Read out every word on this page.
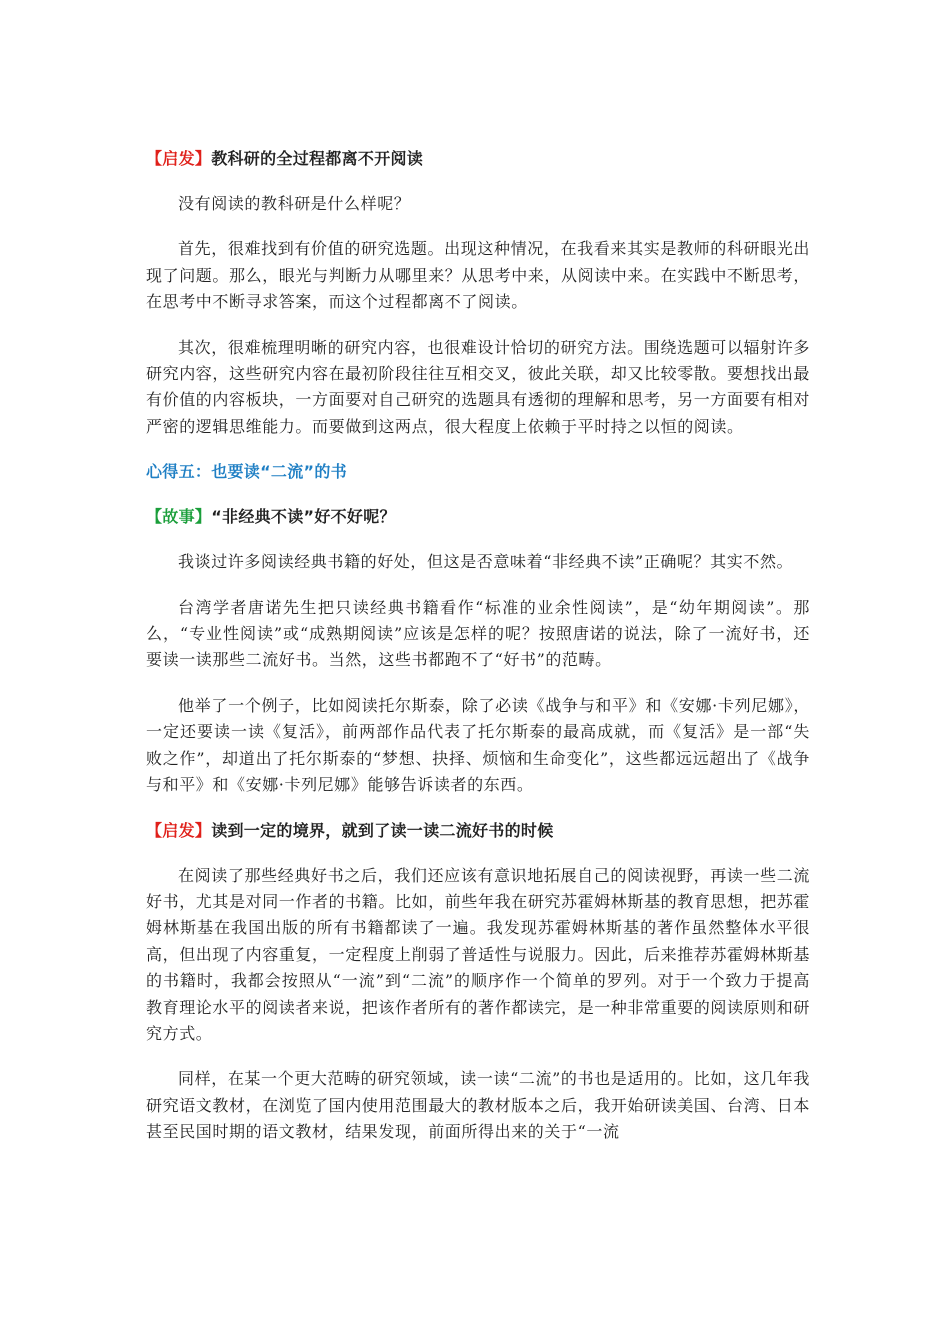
【启发】教科研的全过程都离不开阅读

没有阅读的教科研是什么样呢？

首先，很难找到有价值的研究选题。出现这种情况，在我看来其实是教师的科研眼光出现了问题。那么，眼光与判断力从哪里来？从思考中来，从阅读中来。在实践中不断思考，在思考中不断寻求答案，而这个过程都离不了阅读。

其次，很难梳理明晰的研究内容，也很难设计恰切的研究方法。围绕选题可以辐射许多研究内容，这些研究内容在最初阶段往往互相交叉，彼此关联，却又比较零散。要想找出最有价值的内容板块，一方面要对自己研究的选题具有透彻的理解和思考，另一方面要有相对严密的逻辑思维能力。而要做到这两点，很大程度上依赖于平时持之以恒的阅读。

心得五：也要读“二流”的书
【故事】“非经典不读”好不好呢？

我谈过许多阅读经典书籍的好处，但这是否意味着“非经典不读”正确呢？其实不然。

台湾学者唐诺先生把只读经典书籍看作“标准的业余性阅读”，是“幼年期阅读”。那么，“专业性阅读”或“成熟期阅读”应该是怎样的呢？按照唐诺的说法，除了一流好书，还要读一读那些二流好书。当然，这些书都跑不了“好书”的范畴。

他举了一个例子，比如阅读托尔斯泰，除了必读《战争与和平》和《安娜·卡列尼娜》，一定还要读一读《复活》，前两部作品代表了托尔斯泰的最高成就，而《复活》是一部“失败之作”，却道出了托尔斯泰的“梦想、抉择、烦恼和生命变化”，这些都远远超出了《战争与和平》和《安娜·卡列尼娜》能够告诉读者的东西。

【启发】读到一定的境界，就到了读一读二流好书的时候

在阅读了那些经典好书之后，我们还应该有意识地拓展自己的阅读视野，再读一些二流好书，尤其是对同一作者的书籍。比如，前些年我在研究苏霍姆林斯基的教育思想，把苏霍姆林斯基在我国出版的所有书籍都读了一遍。我发现苏霍姆林斯基的著作虽然整体水平很高，但出现了内容重复，一定程度上削弱了普适性与说服力。因此，后来推荐苏霍姆林斯基的书籍时，我都会按照从“一流”到“二流”的顺序作一个简单的罗列。对于一个致力于提高教育理论水平的阅读者来说，把该作者所有的著作都读完，是一种非常重要的阅读原则和研究方式。

同样，在某一个更大范畴的研究领域，读一读“二流”的书也是适用的。比如，这几年我研究语文教材，在浏览了国内使用范围最大的教材版本之后，我开始研读美国、台湾、日本甚至民国时期的语文教材，结果发现，前面所得出来的关于“一流
